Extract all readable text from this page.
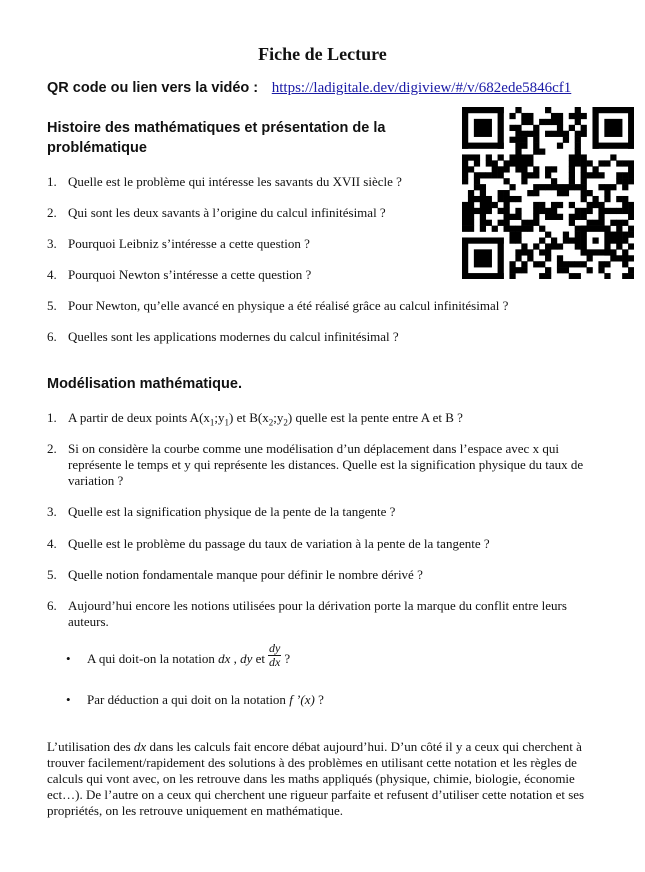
Fiche de Lecture
QR code ou lien vers la vidéo : https://ladigitale.dev/digiview/#/v/682ede5846cf1
Histoire des mathématiques et présentation de la
problématique
1. Quelle est le problème qui intéresse les savants du XVII siècle ?
2. Qui sont les deux savants à l’origine du calcul infinitésimal ?
3. Pourquoi Leibniz s’intéresse a cette question ?
4. Pourquoi Newton s’intéresse a cette question ?
5. Pour Newton, qu’elle avancé en physique a été réalisé grâce au calcul infinitésimal ?
6. Quelles sont les applications modernes du calcul infinitésimal ?
Modélisation mathématique.
1. A partir de deux points $A(x_1;y_1)$ et $B(x_2;y_2)$ quelle est la pente entre A et B ?
2. Si on considère la courbe comme une modélisation d’un déplacement dans l’espace avec x qui représente le temps et y qui représente les distances. Quelle est la signification physique du taux de variation ?
3. Quelle est la signification physique de la pente de la tangente ?
4. Quelle est le problème du passage du taux de variation à la pente de la tangente ?
5. Quelle notion fondamentale manque pour définir le nombre dérivé ?
6. Aujourd’hui encore les notions utilisées pour la dérivation porte la marque du conflit entre leurs auteurs.
• A qui doit-on la notation dx , dy et $\frac{dy}{dx}$ ?
• Par déduction a qui doit on la notation f ’(x) ?
L’utilisation des dx dans les calculs fait encore débat aujourd’hui. D’un côté il y a ceux qui cherchent à trouver facilement/rapidement des solutions à des problèmes en utilisant cette notation et les règles de calculs qui vont avec, on les retrouve dans les maths appliqués (physique, chimie, biologie, économie ect…). De l’autre on a ceux qui cherchent une rigueur parfaite et refusent d’utiliser cette notation et ses propriétés, on les retrouve uniquement en mathématique.
